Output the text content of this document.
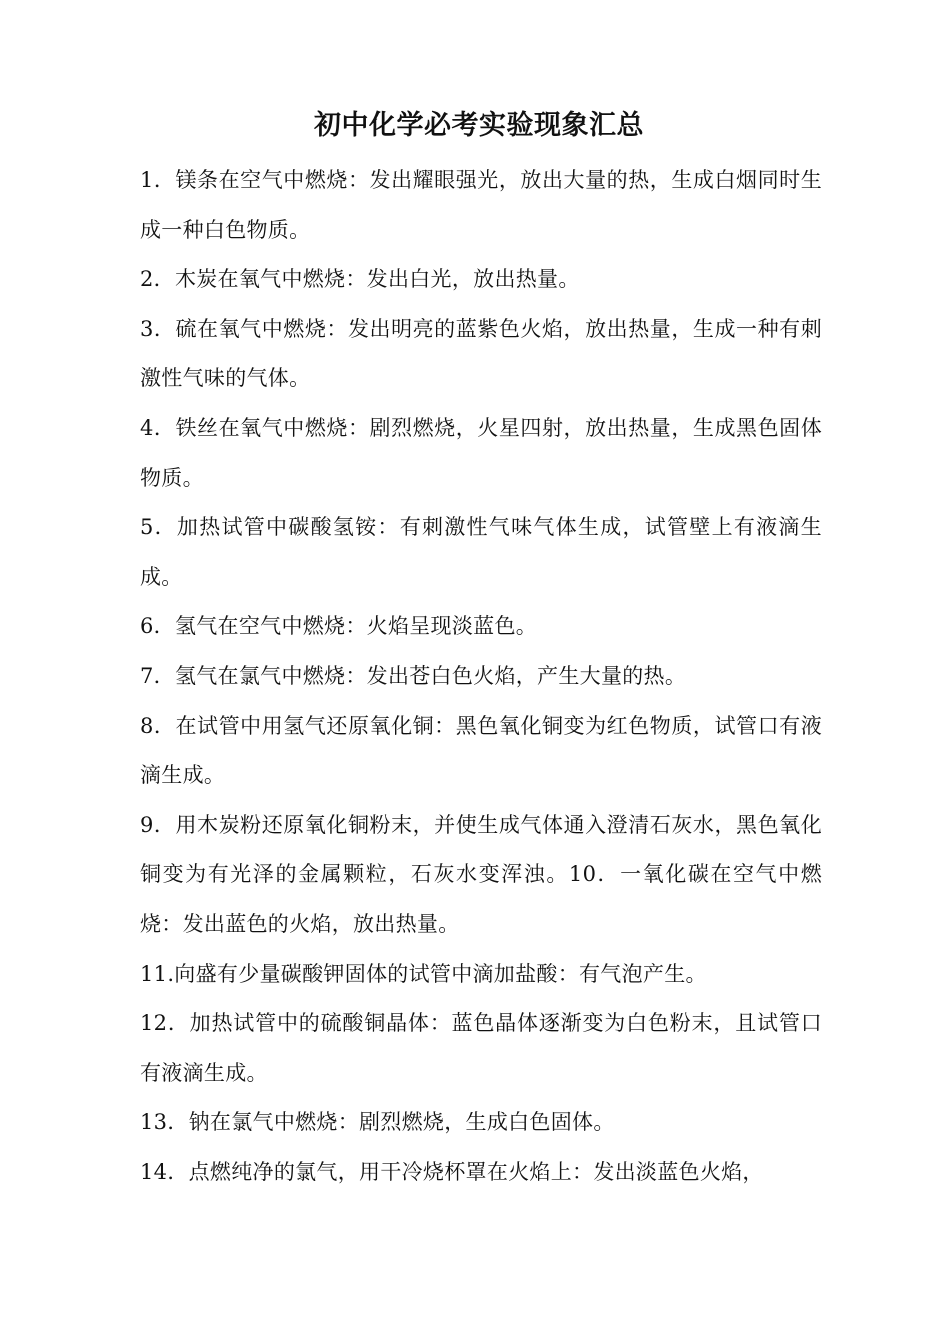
初中化学必考实验现象汇总

1．镁条在空气中燃烧：发出耀眼强光，放出大量的热，生成白烟同时生成一种白色物质。

2．木炭在氧气中燃烧：发出白光，放出热量。

3．硫在氧气中燃烧：发出明亮的蓝紫色火焰，放出热量，生成一种有刺激性气味的气体。

4．铁丝在氧气中燃烧：剧烈燃烧，火星四射，放出热量，生成黑色固体物质。

5．加热试管中碳酸氢铵：有刺激性气味气体生成，试管壁上有液滴生成。

6．氢气在空气中燃烧：火焰呈现淡蓝色。

7．氢气在氯气中燃烧：发出苍白色火焰，产生大量的热。

8．在试管中用氢气还原氧化铜：黑色氧化铜变为红色物质，试管口有液滴生成。

9．用木炭粉还原氧化铜粉末，并使生成气体通入澄清石灰水，黑色氧化铜变为有光泽的金属颗粒，石灰水变浑浊。10．一氧化碳在空气中燃烧：发出蓝色的火焰，放出热量。

11.向盛有少量碳酸钾固体的试管中滴加盐酸：有气泡产生。

12．加热试管中的硫酸铜晶体：蓝色晶体逐渐变为白色粉末，且试管口有液滴生成。

13．钠在氯气中燃烧：剧烈燃烧，生成白色固体。

14．点燃纯净的氯气，用干冷烧杯罩在火焰上：发出淡蓝色火焰，
